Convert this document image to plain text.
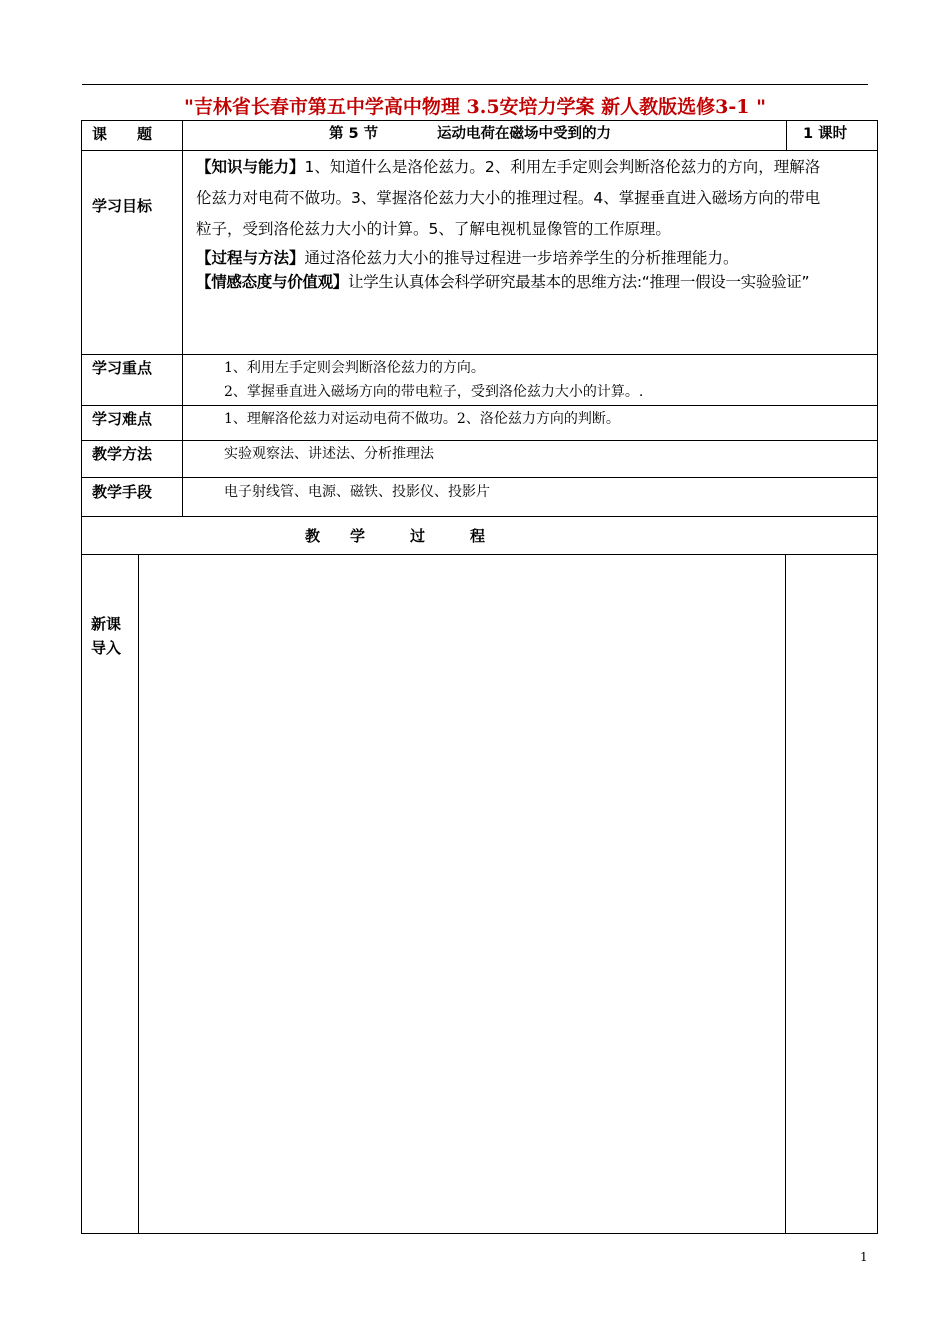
"吉林省长春市第五中学高中物理 3.5安培力学案 新人教版选修3-1 "
课　　题	第 5 节	运动电荷在磁场中受到的力	1 课时
学习目标
【知识与能力】1、知道什么是洛伦兹力。2、利用左手定则会判断洛伦兹力的方向，理解洛
伦兹力对电荷不做功。3、掌握洛伦兹力大小的推理过程。4、掌握垂直进入磁场方向的带电
粒子，受到洛伦兹力大小的计算。5、了解电视机显像管的工作原理。
【过程与方法】通过洛伦兹力大小的推导过程进一步培养学生的分析推理能力。
【情感态度与价值观】让学生认真体会科学研究最基本的思维方法:“推理一假设一实验验证”
学习重点	1、利用左手定则会判断洛伦兹力的方向。
2、掌握垂直进入磁场方向的带电粒子，受到洛伦兹力大小的计算。.
学习难点	1、理解洛伦兹力对运动电荷不做功。2、洛伦兹力方向的判断。
教学方法	实验观察法、讲述法、分析推理法
教学手段	电子射线管、电源、磁铁、投影仪、投影片
教　　学　　　过　　　程
新课
导入
1
